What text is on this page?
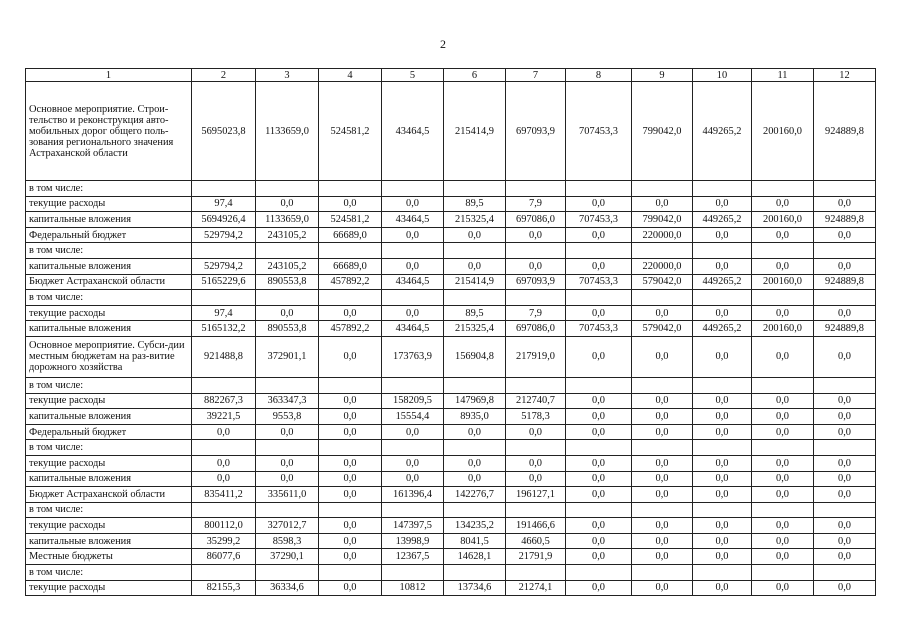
2
1	2	3	4	5	6	7	8	9	10	11	12
Основное мероприятие. Строи-тельство и реконструкция авто-мобильных дорог общего поль-зования регионального значения Астраханской области	5695023,8	1133659,0	524581,2	43464,5	215414,9	697093,9	707453,3	799042,0	449265,2	200160,0	924889,8
в том числе:											
текущие расходы	97,4	0,0	0,0	0,0	89,5	7,9	0,0	0,0	0,0	0,0	0,0
капитальные вложения	5694926,4	1133659,0	524581,2	43464,5	215325,4	697086,0	707453,3	799042,0	449265,2	200160,0	924889,8
Федеральный бюджет	529794,2	243105,2	66689,0	0,0	0,0	0,0	0,0	220000,0	0,0	0,0	0,0
в том числе:											
капитальные вложения	529794,2	243105,2	66689,0	0,0	0,0	0,0	0,0	220000,0	0,0	0,0	0,0
Бюджет Астраханской области	5165229,6	890553,8	457892,2	43464,5	215414,9	697093,9	707453,3	579042,0	449265,2	200160,0	924889,8
в том числе:											
текущие расходы	97,4	0,0	0,0	0,0	89,5	7,9	0,0	0,0	0,0	0,0	0,0
капитальные вложения	5165132,2	890553,8	457892,2	43464,5	215325,4	697086,0	707453,3	579042,0	449265,2	200160,0	924889,8
Основное мероприятие. Субси-дии местным бюджетам на раз-витие дорожного хозяйства	921488,8	372901,1	0,0	173763,9	156904,8	217919,0	0,0	0,0	0,0	0,0	0,0
в том числе:											
текущие расходы	882267,3	363347,3	0,0	158209,5	147969,8	212740,7	0,0	0,0	0,0	0,0	0,0
капитальные вложения	39221,5	9553,8	0,0	15554,4	8935,0	5178,3	0,0	0,0	0,0	0,0	0,0
Федеральный бюджет	0,0	0,0	0,0	0,0	0,0	0,0	0,0	0,0	0,0	0,0	0,0
в том числе:											
текущие расходы	0,0	0,0	0,0	0,0	0,0	0,0	0,0	0,0	0,0	0,0	0,0
капитальные вложения	0,0	0,0	0,0	0,0	0,0	0,0	0,0	0,0	0,0	0,0	0,0
Бюджет Астраханской области	835411,2	335611,0	0,0	161396,4	142276,7	196127,1	0,0	0,0	0,0	0,0	0,0
в том числе:											
текущие расходы	800112,0	327012,7	0,0	147397,5	134235,2	191466,6	0,0	0,0	0,0	0,0	0,0
капитальные вложения	35299,2	8598,3	0,0	13998,9	8041,5	4660,5	0,0	0,0	0,0	0,0	0,0
Местные бюджеты	86077,6	37290,1	0,0	12367,5	14628,1	21791,9	0,0	0,0	0,0	0,0	0,0
в том числе:											
текущие расходы	82155,3	36334,6	0,0	10812	13734,6	21274,1	0,0	0,0	0,0	0,0	0,0
